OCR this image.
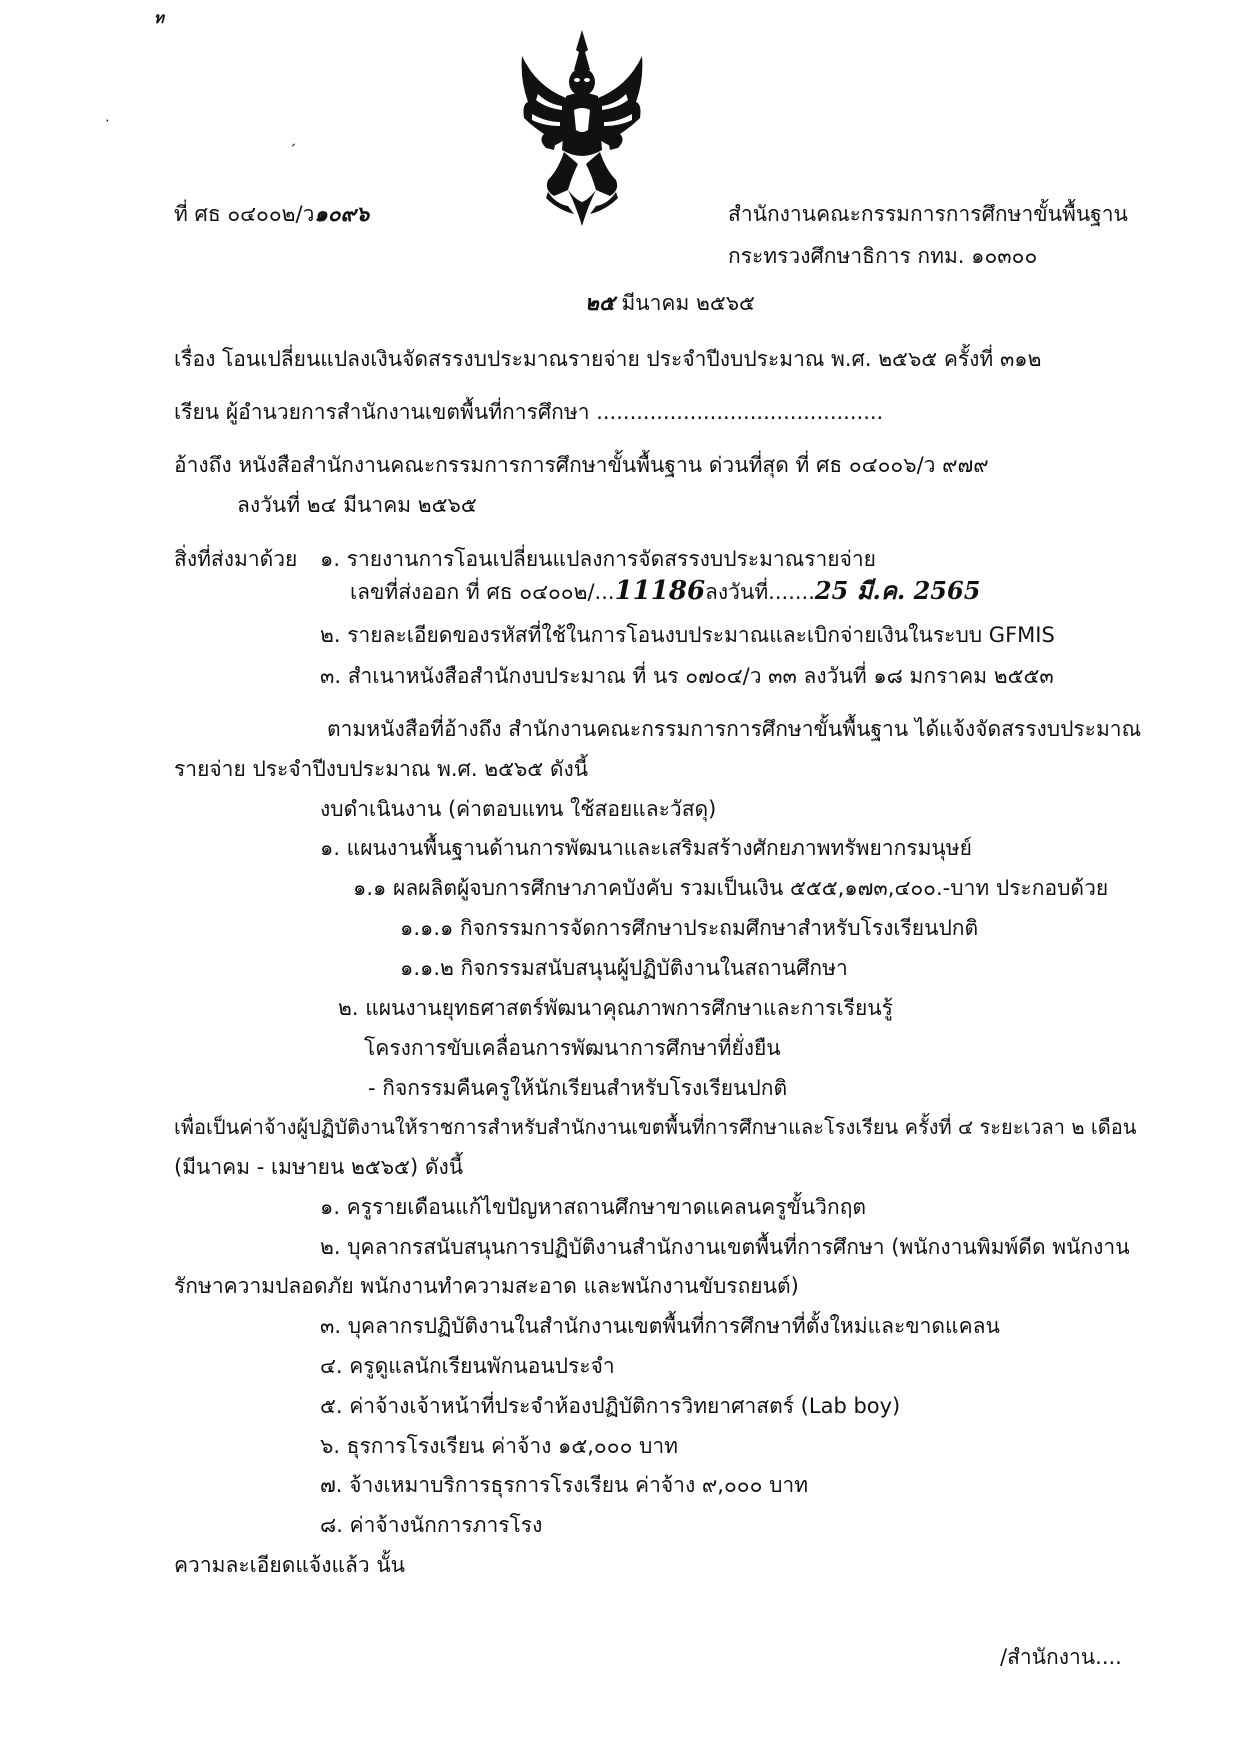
ท
·
ˊ
ที่ ศธ ๐๔๐๐๒/ว๑๐๙๖	สำนักงานคณะกรรมการการศึกษาขั้นพื้นฐาน
กระทรวงศึกษาธิการ กทม. ๑๐๓๐๐
๒๕ มีนาคม ๒๕๖๕
เรื่อง โอนเปลี่ยนแปลงเงินจัดสรรงบประมาณรายจ่าย ประจำปีงบประมาณ พ.ศ. ๒๕๖๕ ครั้งที่ ๓๑๒
เรียน ผู้อำนวยการสำนักงานเขตพื้นที่การศึกษา ...........................................
อ้างถึง หนังสือสำนักงานคณะกรรมการการศึกษาขั้นพื้นฐาน ด่วนที่สุด ที่ ศธ ๐๔๐๐๖/ว ๙๗๙
ลงวันที่ ๒๔ มีนาคม ๒๕๖๕
สิ่งที่ส่งมาด้วย ๑. รายงานการโอนเปลี่ยนแปลงการจัดสรรงบประมาณรายจ่าย
เลขที่ส่งออก ที่ ศธ ๐๔๐๐๒/...11186ลงวันที่.......25 มี.ค. 2565
๒. รายละเอียดของรหัสที่ใช้ในการโอนงบประมาณและเบิกจ่ายเงินในระบบ GFMIS
๓. สำเนาหนังสือสำนักงบประมาณ ที่ นร ๐๗๐๔/ว ๓๓ ลงวันที่ ๑๘ มกราคม ๒๕๕๓
ตามหนังสือที่อ้างถึง สำนักงานคณะกรรมการการศึกษาขั้นพื้นฐาน ได้แจ้งจัดสรรงบประมาณ
รายจ่าย ประจำปีงบประมาณ พ.ศ. ๒๕๖๕ ดังนี้
งบดำเนินงาน (ค่าตอบแทน ใช้สอยและวัสดุ)
๑. แผนงานพื้นฐานด้านการพัฒนาและเสริมสร้างศักยภาพทรัพยากรมนุษย์
๑.๑ ผลผลิตผู้จบการศึกษาภาคบังคับ รวมเป็นเงิน ๕๕๕,๑๗๓,๔๐๐.-บาท ประกอบด้วย
๑.๑.๑ กิจกรรมการจัดการศึกษาประถมศึกษาสำหรับโรงเรียนปกติ
๑.๑.๒ กิจกรรมสนับสนุนผู้ปฏิบัติงานในสถานศึกษา
๒. แผนงานยุทธศาสตร์พัฒนาคุณภาพการศึกษาและการเรียนรู้
โครงการขับเคลื่อนการพัฒนาการศึกษาที่ยั่งยืน
- กิจกรรมคืนครูให้นักเรียนสำหรับโรงเรียนปกติ
เพื่อเป็นค่าจ้างผู้ปฏิบัติงานให้ราชการสำหรับสำนักงานเขตพื้นที่การศึกษาและโรงเรียน ครั้งที่ ๔ ระยะเวลา ๒ เดือน
(มีนาคม - เมษายน ๒๕๖๕) ดังนี้
๑. ครูรายเดือนแก้ไขปัญหาสถานศึกษาขาดแคลนครูขั้นวิกฤต
๒. บุคลากรสนับสนุนการปฏิบัติงานสำนักงานเขตพื้นที่การศึกษา (พนักงานพิมพ์ดีด พนักงาน
รักษาความปลอดภัย พนักงานทำความสะอาด และพนักงานขับรถยนต์)
๓. บุคลากรปฏิบัติงานในสำนักงานเขตพื้นที่การศึกษาที่ตั้งใหม่และขาดแคลน
๔. ครูดูแลนักเรียนพักนอนประจำ
๕. ค่าจ้างเจ้าหน้าที่ประจำห้องปฏิบัติการวิทยาศาสตร์ (Lab boy)
๖. ธุรการโรงเรียน ค่าจ้าง ๑๕,๐๐๐ บาท
๗. จ้างเหมาบริการธุรการโรงเรียน ค่าจ้าง ๙,๐๐๐ บาท
๘. ค่าจ้างนักการภารโรง
ความละเอียดแจ้งแล้ว นั้น
/สำนักงาน....
